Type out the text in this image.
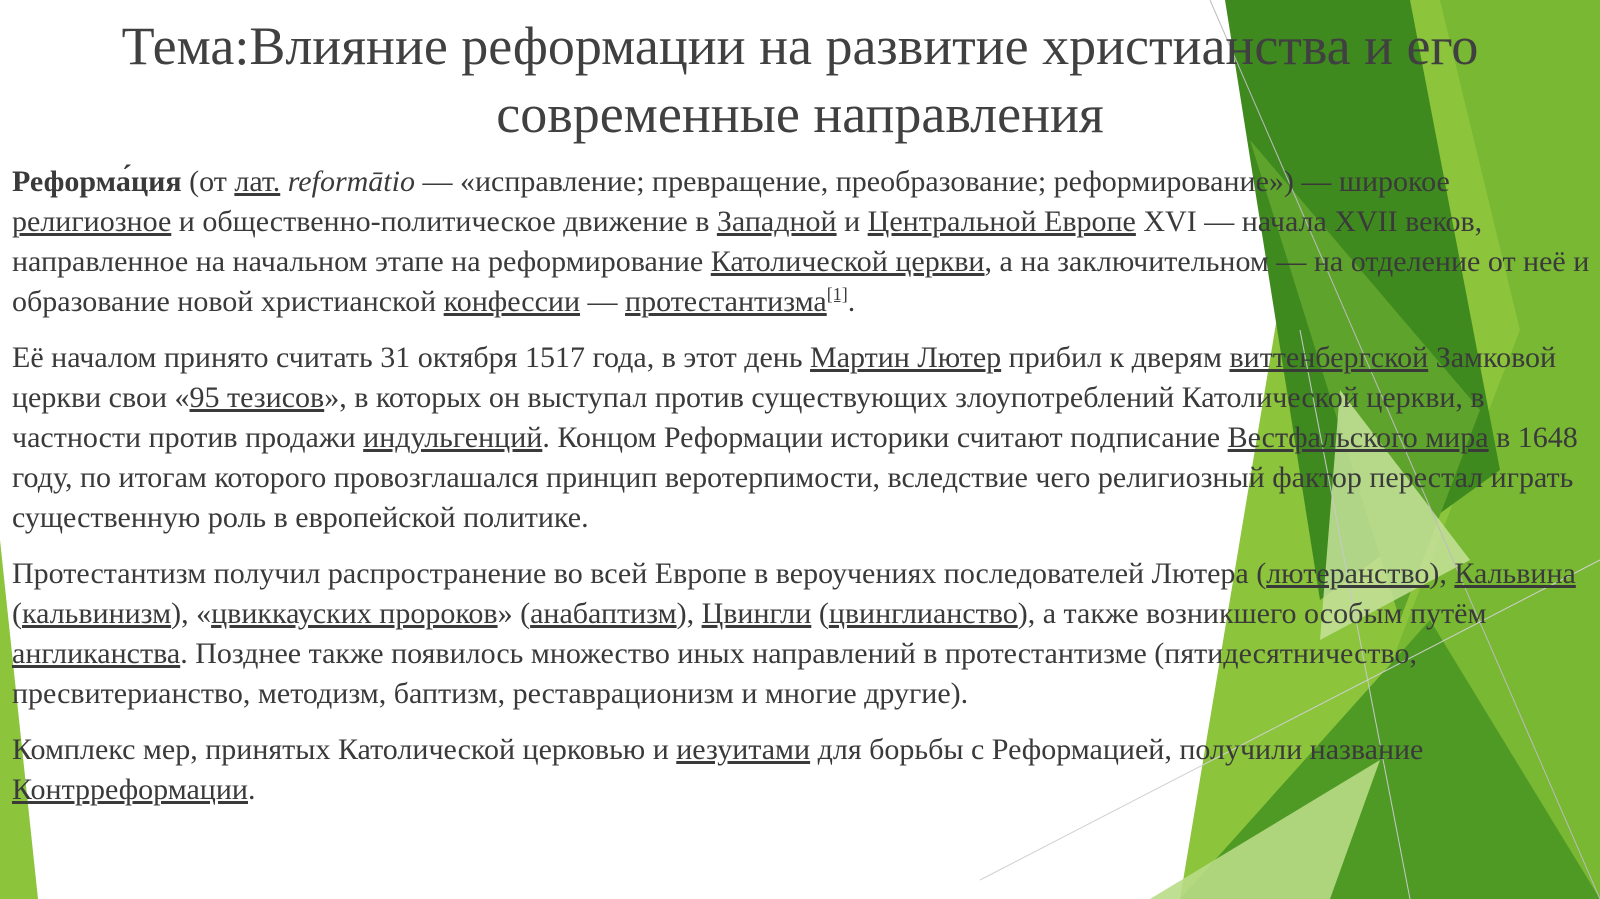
Тема:Влияние реформации на развитие христианства и его
современные направления

Реформа́ция (от лат. reformātio — «исправление; превращение, преобразование; реформирование») — широкое религиозное и общественно-политическое движение в Западной и Центральной Европе XVI — начала XVII веков, направленное на начальном этапе на реформирование Католической церкви, а на заключительном — на отделение от неё и образование новой христианской конфессии — протестантизма[1].

Её началом принято считать 31 октября 1517 года, в этот день Мартин Лютер прибил к дверям виттенбергской Замковой церкви свои «95 тезисов», в которых он выступал против существующих злоупотреблений Католической церкви, в частности против продажи индульгенций. Концом Реформации историки считают подписание Вестфальского мира в 1648 году, по итогам которого провозглашался принцип веротерпимости, вследствие чего религиозный фактор перестал играть существенную роль в европейской политике.

Протестантизм получил распространение во всей Европе в вероучениях последователей Лютера (лютеранство), Кальвина (кальвинизм), «цвиккауских пророков» (анабаптизм), Цвингли (цвинглианство), а также возникшего особым путём англиканства. Позднее также появилось множество иных направлений в протестантизме (пятидесятничество, пресвитерианство, методизм, баптизм, реставрационизм и многие другие).

Комплекс мер, принятых Католической церковью и иезуитами для борьбы с Реформацией, получили название Контрреформации.
